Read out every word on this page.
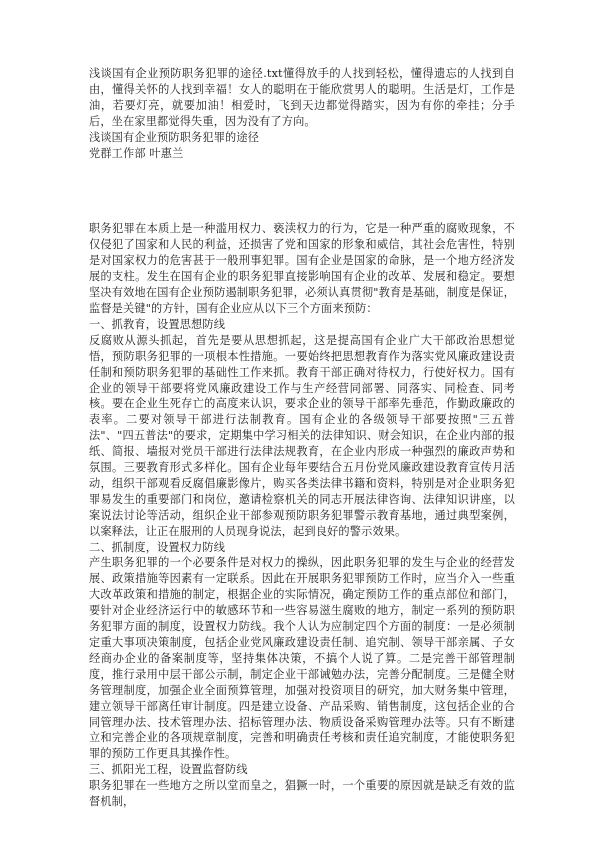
浅谈国有企业预防职务犯罪的途径.txt懂得放手的人找到轻松，懂得遗忘的人找到自由，懂得关怀的人找到幸福！女人的聪明在于能欣赏男人的聪明。生活是灯，工作是油，若要灯亮，就要加油！相爱时，飞到天边都觉得踏实，因为有你的牵挂；分手后，坐在家里都觉得失重，因为没有了方向。

浅谈国有企业预防职务犯罪的途径

党群工作部 叶惠兰

职务犯罪在本质上是一种滥用权力、亵渎权力的行为，它是一种严重的腐败现象，不仅侵犯了国家和人民的利益，还损害了党和国家的形象和威信，其社会危害性，特别是对国家权力的危害甚于一般刑事犯罪。国有企业是国家的命脉，是一个地方经济发展的支柱。发生在国有企业的职务犯罪直接影响国有企业的改革、发展和稳定。要想坚决有效地在国有企业预防遏制职务犯罪，必须认真贯彻"教育是基础，制度是保证，监督是关键"的方针，国有企业应从以下三个方面来预防：

一、抓教育，设置思想防线

反腐败从源头抓起，首先是要从思想抓起，这是提高国有企业广大干部政治思想觉悟，预防职务犯罪的一项根本性措施。一要始终把思想教育作为落实党风廉政建设责任制和预防职务犯罪的基础性工作来抓。教育干部正确对待权力，行使好权力。国有企业的领导干部要将党风廉政建设工作与生产经营同部署、同落实、同检查、同考核。要在企业生死存亡的高度来认识，要求企业的领导干部率先垂范，作勤政廉政的表率。二要对领导干部进行法制教育。国有企业的各级领导干部要按照"三五普法"、"四五普法"的要求，定期集中学习相关的法律知识、财会知识，在企业内部的报纸、简报、墙报对党员干部进行法律法规教育，在企业内形成一种强烈的廉政声势和氛围。三要教育形式多样化。国有企业每年要结合五月份党风廉政建设教育宣传月活动，组织干部观看反腐倡廉影像片，购买各类法律书籍和资料，特别是对企业职务犯罪易发生的重要部门和岗位，邀请检察机关的同志开展法律咨询、法律知识讲座，以案说法讨论等活动，组织企业干部参观预防职务犯罪警示教育基地，通过典型案例，以案释法，让正在服刑的人员现身说法，起到良好的警示效果。

二、抓制度，设置权力防线

产生职务犯罪的一个必要条件是对权力的操纵，因此职务犯罪的发生与企业的经营发展、政策措施等因素有一定联系。因此在开展职务犯罪预防工作时，应当介入一些重大改革政策和措施的制定，根据企业的实际情况，确定预防工作的重点部位和部门，要针对企业经济运行中的敏感环节和一些容易滋生腐败的地方，制定一系列的预防职务犯罪方面的制度，设置权力防线。我个人认为应制定四个方面的制度：一是必须制定重大事项决策制度，包括企业党风廉政建设责任制、追究制、领导干部亲属、子女经商办企业的备案制度等，坚持集体决策，不搞个人说了算。二是完善干部管理制度，推行录用中层干部公示制，制定企业干部诫勉办法，完善分配制度。三是健全财务管理制度，加强企业全面预算管理，加强对投资项目的研究，加大财务集中管理，建立领导干部离任审计制度。四是建立设备、产品采购、销售制度，这包括企业的合同管理办法、技术管理办法、招标管理办法、物质设备采购管理办法等。只有不断建立和完善企业的各项规章制度，完善和明确责任考核和责任追究制度，才能使职务犯罪的预防工作更具其操作性。

三、抓阳光工程，设置监督防线

职务犯罪在一些地方之所以堂而皇之，猖獗一时，一个重要的原因就是缺乏有效的监督机制，
